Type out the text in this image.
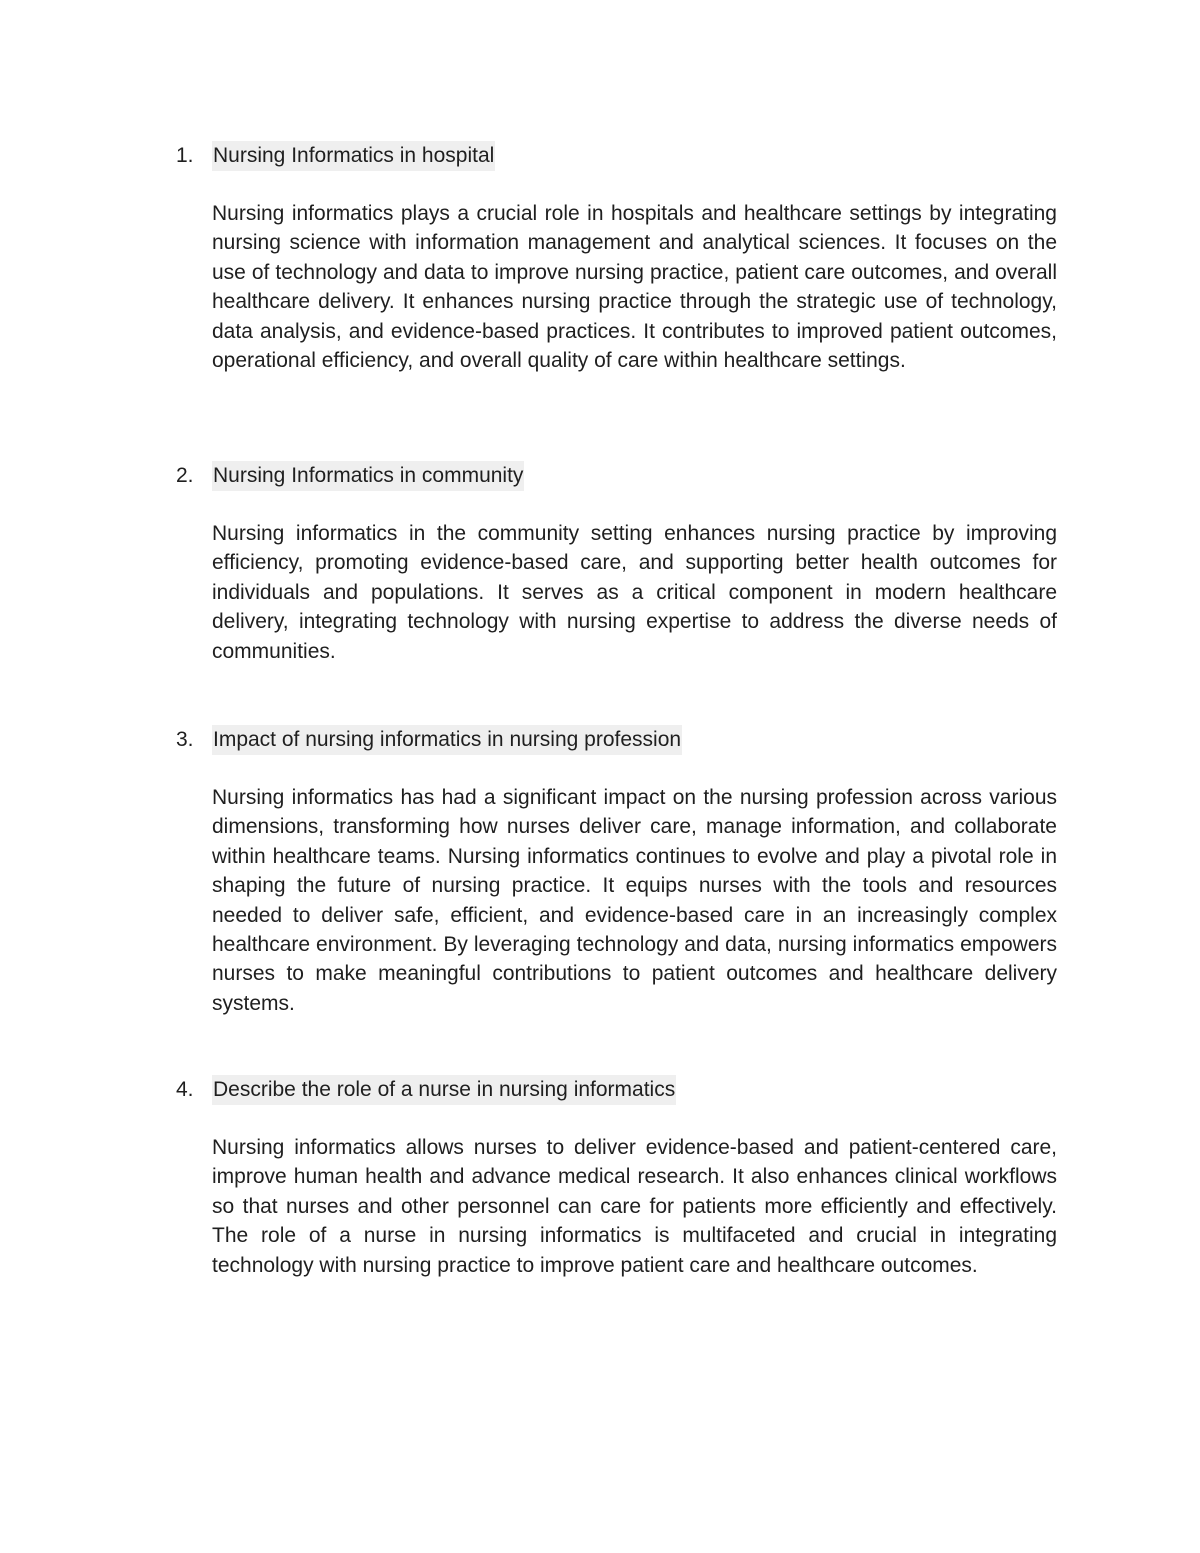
1. Nursing Informatics in hospital

Nursing informatics plays a crucial role in hospitals and healthcare settings by integrating nursing science with information management and analytical sciences. It focuses on the use of technology and data to improve nursing practice, patient care outcomes, and overall healthcare delivery. It enhances nursing practice through the strategic use of technology, data analysis, and evidence-based practices. It contributes to improved patient outcomes, operational efficiency, and overall quality of care within healthcare settings.

2. Nursing Informatics in community

Nursing informatics in the community setting enhances nursing practice by improving efficiency, promoting evidence-based care, and supporting better health outcomes for individuals and populations. It serves as a critical component in modern healthcare delivery, integrating technology with nursing expertise to address the diverse needs of communities.

3. Impact of nursing informatics in nursing profession

Nursing informatics has had a significant impact on the nursing profession across various dimensions, transforming how nurses deliver care, manage information, and collaborate within healthcare teams. Nursing informatics continues to evolve and play a pivotal role in shaping the future of nursing practice. It equips nurses with the tools and resources needed to deliver safe, efficient, and evidence-based care in an increasingly complex healthcare environment. By leveraging technology and data, nursing informatics empowers nurses to make meaningful contributions to patient outcomes and healthcare delivery systems.

4. Describe the role of a nurse in nursing informatics

Nursing informatics allows nurses to deliver evidence-based and patient-centered care, improve human health and advance medical research. It also enhances clinical workflows so that nurses and other personnel can care for patients more efficiently and effectively. The role of a nurse in nursing informatics is multifaceted and crucial in integrating technology with nursing practice to improve patient care and healthcare outcomes.
